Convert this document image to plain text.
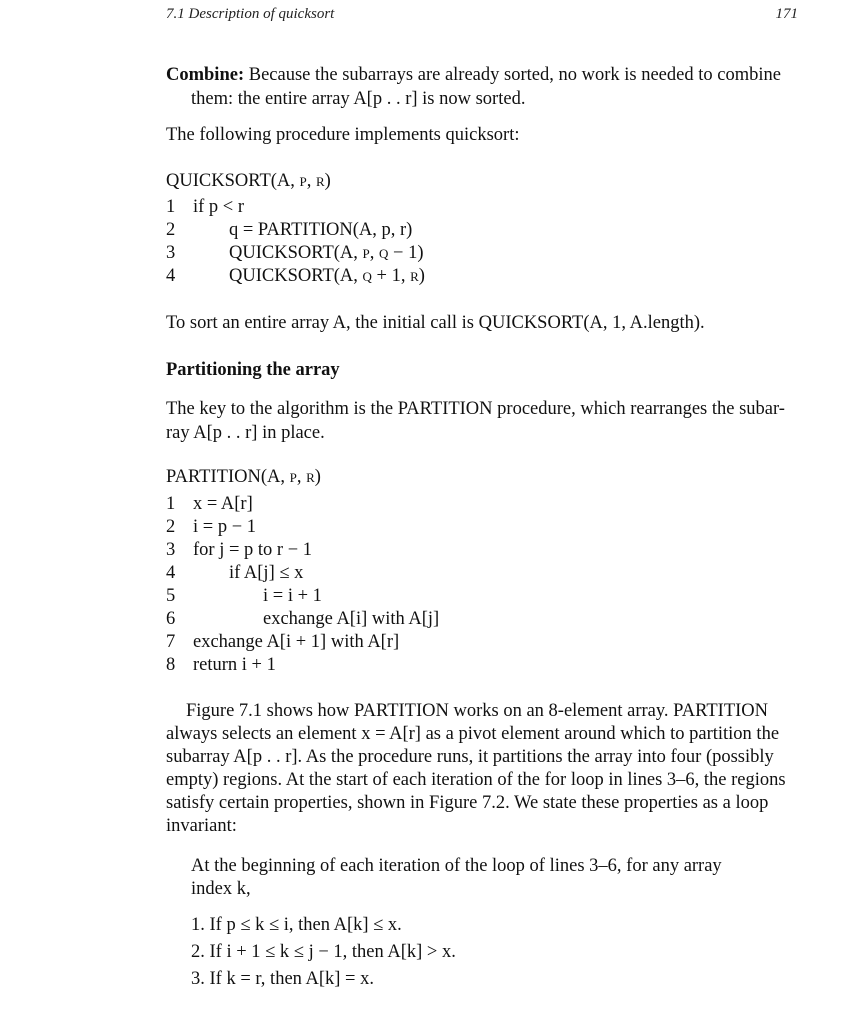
7.1 Description of quicksort	171
Combine: Because the subarrays are already sorted, no work is needed to combine
them: the entire array A[p . . r] is now sorted.
The following procedure implements quicksort:
QUICKSORT(A, p, r)
1 if p < r
2	q = PARTITION(A, p, r)
3	QUICKSORT(A, p, q − 1)
4	QUICKSORT(A, q + 1, r)
To sort an entire array A, the initial call is QUICKSORT(A, 1, A.length).
Partitioning the array
The key to the algorithm is the PARTITION procedure, which rearranges the subar-
ray A[p . . r] in place.
PARTITION(A, p, r)
1 x = A[r]
2 i = p − 1
3 for j = p to r − 1
4	if A[j] ≤ x
5	i = i + 1
6	exchange A[i] with A[j]
7 exchange A[i + 1] with A[r]
8 return i + 1
Figure 7.1 shows how PARTITION works on an 8-element array. PARTITION
always selects an element x = A[r] as a pivot element around which to partition the
subarray A[p . . r]. As the procedure runs, it partitions the array into four (possibly
empty) regions. At the start of each iteration of the for loop in lines 3–6, the regions
satisfy certain properties, shown in Figure 7.2. We state these properties as a loop
invariant:
At the beginning of each iteration of the loop of lines 3–6, for any array
index k,
1. If p ≤ k ≤ i, then A[k] ≤ x.
2. If i + 1 ≤ k ≤ j − 1, then A[k] > x.
3. If k = r, then A[k] = x.
